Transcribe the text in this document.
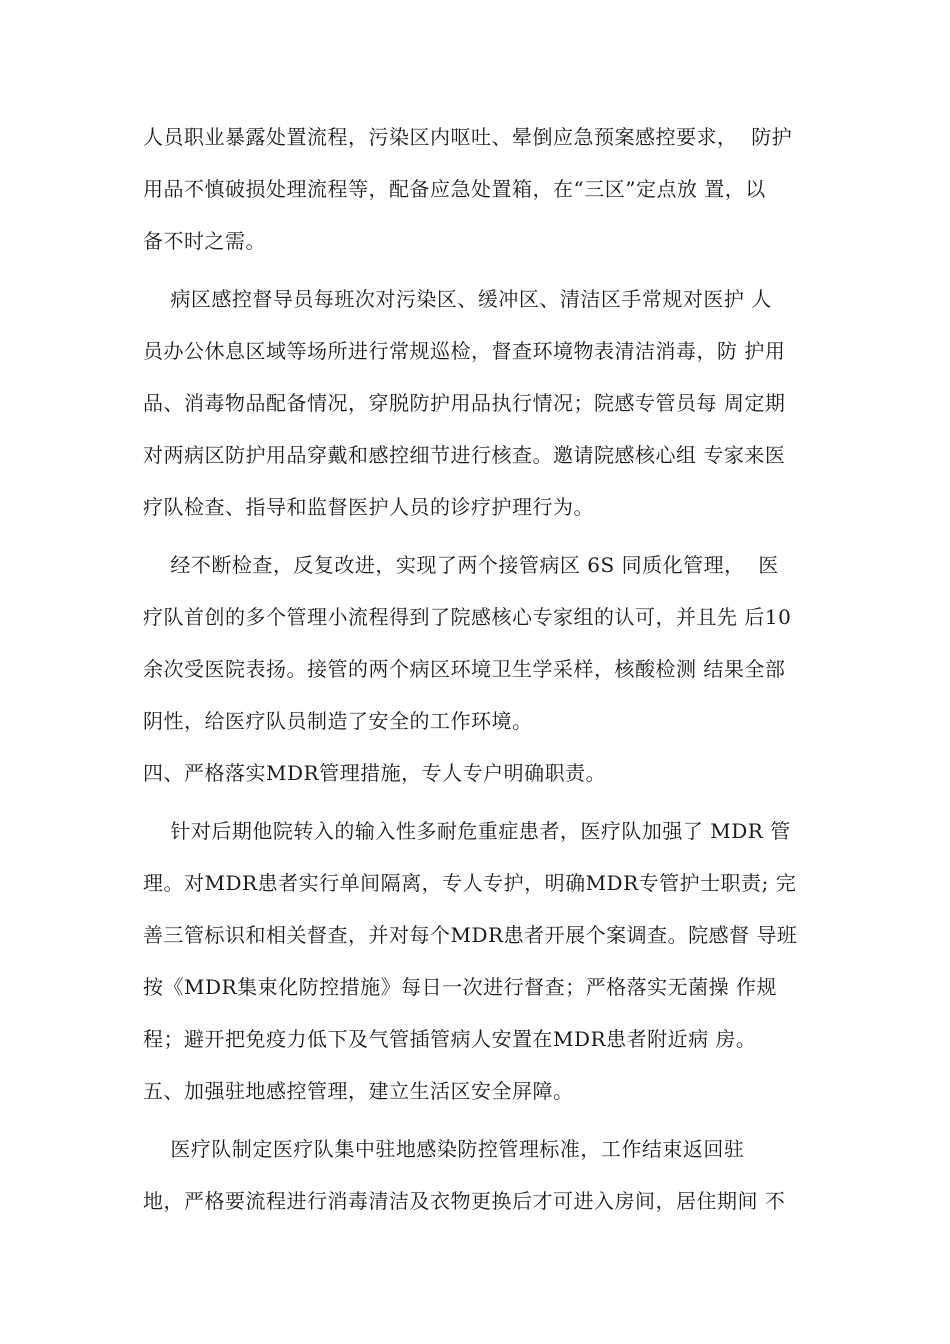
人员职业暴露处置流程，污染区内呕吐、晕倒应急预案感控要求，  防护
用品不慎破损处理流程等，配备应急处置箱，在“三区”定点放 置，以
备不时之需。
病区感控督导员每班次对污染区、缓冲区、清洁区手常规对医护 人
员办公休息区域等场所进行常规巡检，督查环境物表清洁消毒，防 护用
品、消毒物品配备情况，穿脱防护用品执行情况；院感专管员每 周定期
对两病区防护用品穿戴和感控细节进行核查。邀请院感核心组 专家来医
疗队检查、指导和监督医护人员的诊疗护理行为。
经不断检查，反复改进，实现了两个接管病区 6S 同质化管理，  医
疗队首创的多个管理小流程得到了院感核心专家组的认可，并且先 后10
余次受医院表扬。接管的两个病区环境卫生学采样，核酸检测 结果全部
阴性，给医疗队员制造了安全的工作环境。
四、严格落实MDR管理措施，专人专户明确职责。
针对后期他院转入的输入性多耐危重症患者，医疗队加强了 MDR 管
理。对MDR患者实行单间隔离，专人专护，明确MDR专管护士职责; 完
善三管标识和相关督查，并对每个MDR患者开展个案调查。院感督 导班
按《MDR集束化防控措施》每日一次进行督查；严格落实无菌操 作规
程；避开把免疫力低下及气管插管病人安置在MDR患者附近病 房。
五、加强驻地感控管理，建立生活区安全屏障。
医疗队制定医疗队集中驻地感染防控管理标准，工作结束返回驻
地，严格要流程进行消毒清洁及衣物更换后才可进入房间，居住期间 不
